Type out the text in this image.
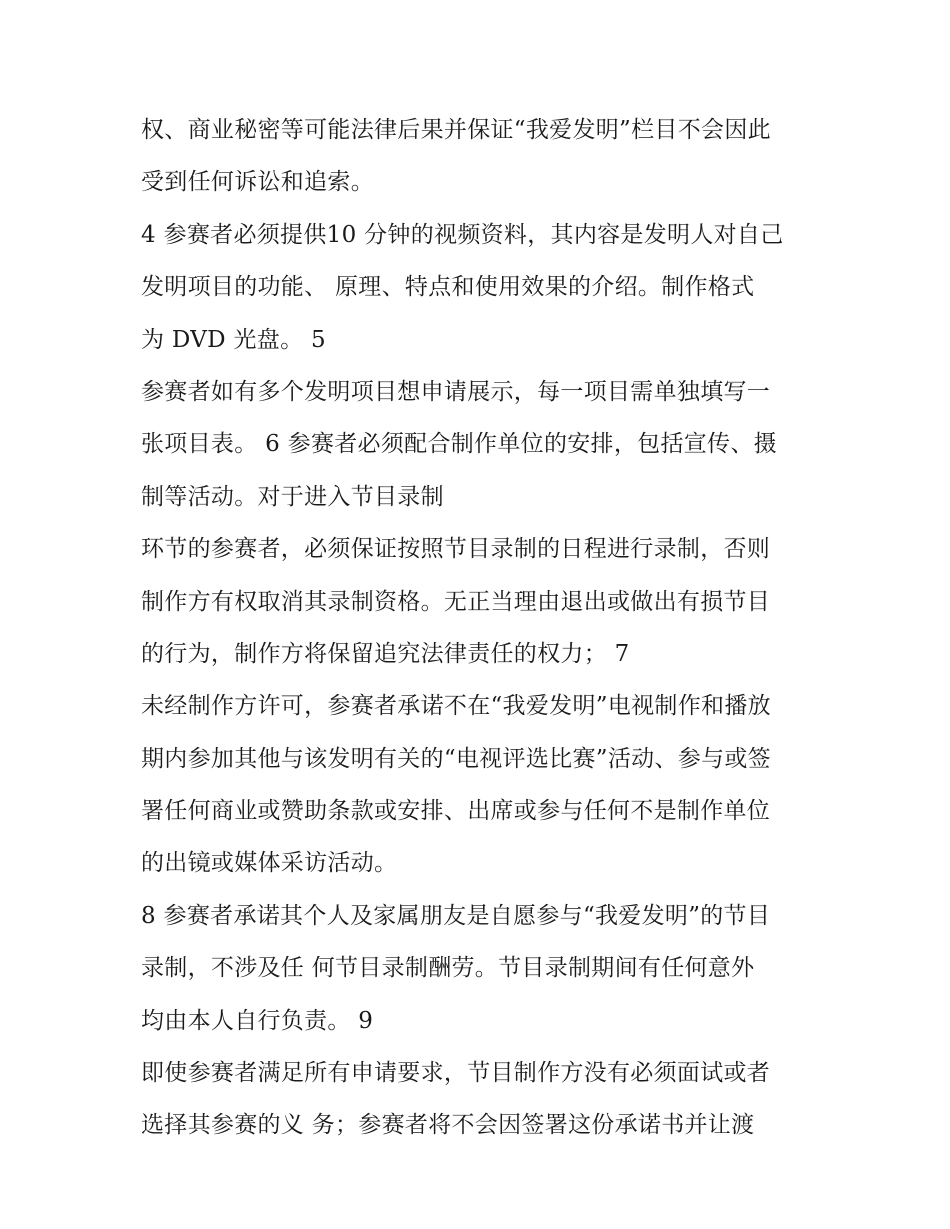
权、商业秘密等可能法律后果并保证“我爱发明”栏目不会因此
受到任何诉讼和追索。
4 参赛者必须提供10 分钟的视频资料，其内容是发明人对自己
发明项目的功能、 原理、特点和使用效果的介绍。制作格式
为 DVD 光盘。 5
参赛者如有多个发明项目想申请展示，每一项目需单独填写一
张项目表。 6 参赛者必须配合制作单位的安排，包括宣传、摄
制等活动。对于进入节目录制
环节的参赛者，必须保证按照节目录制的日程进行录制，否则
制作方有权取消其录制资格。无正当理由退出或做出有损节目
的行为，制作方将保留追究法律责任的权力； 7
未经制作方许可，参赛者承诺不在“我爱发明”电视制作和播放
期内参加其他与该发明有关的“电视评选比赛”活动、参与或签
署任何商业或赞助条款或安排、出席或参与任何不是制作单位
的出镜或媒体采访活动。
8 参赛者承诺其个人及家属朋友是自愿参与“我爱发明”的节目
录制，不涉及任 何节目录制酬劳。节目录制期间有任何意外
均由本人自行负责。 9
即使参赛者满足所有申请要求，节目制作方没有必须面试或者
选择其参赛的义 务；参赛者将不会因签署这份承诺书并让渡
